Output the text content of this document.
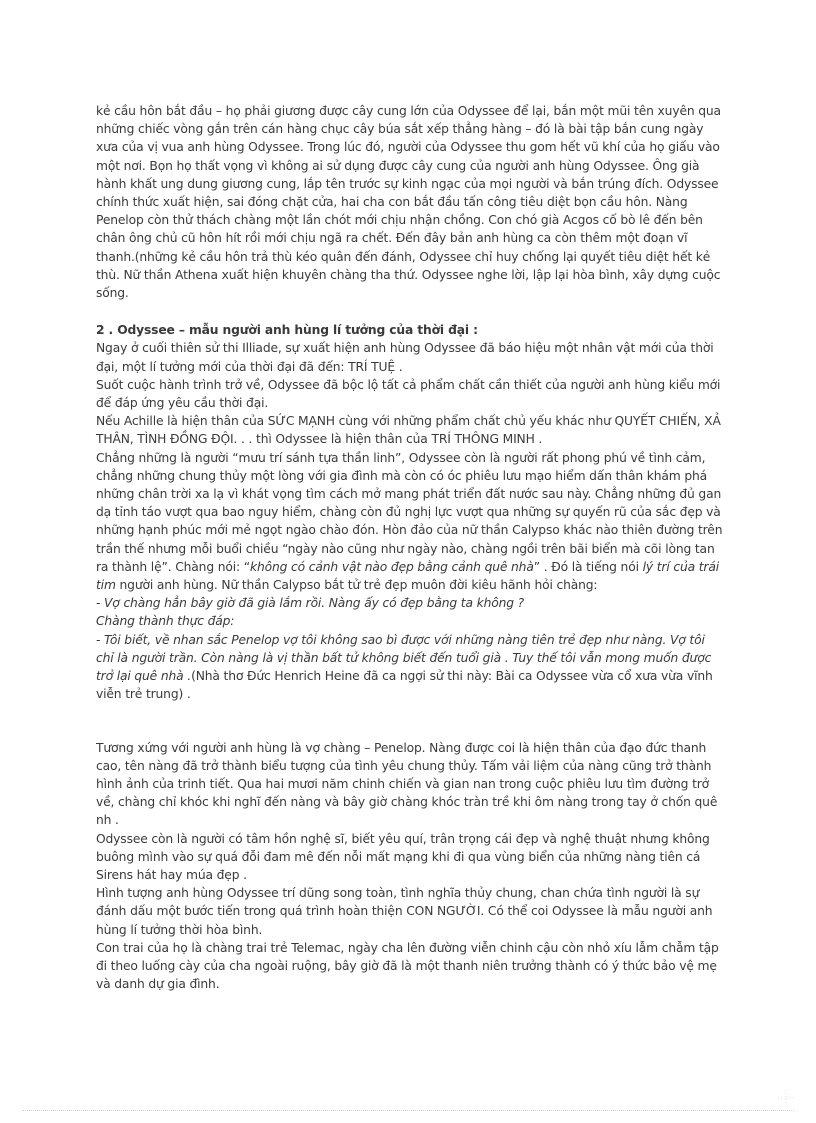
kẻ cầu hôn bắt đầu – họ phải giương được cây cung lớn của Odyssee để lại, bắn một mũi tên xuyên qua những chiếc vòng gắn trên cán hàng chục cây búa sắt xếp thẳng hàng – đó là bài tập bắn cung ngày xưa của vị vua anh hùng Odyssee. Trong lúc đó, người của Odyssee thu gom hết vũ khí của họ giấu vào một nơi. Bọn họ thất vọng vì không ai sử dụng được cây cung của người anh hùng Odyssee. Ông già hành khất ung dung giương cung, lắp tên trước sự kinh ngạc của mọi người và bắn trúng đích. Odyssee chính thức xuất hiện, sai đóng chặt cửa, hai cha con bắt đầu tấn công tiêu diệt bọn cầu hôn. Nàng Penelop còn thử thách chàng một lần chót mới chịu nhận chồng. Con chó già Acgos cố bò lê đến bên chân ông chủ cũ hôn hít rồi mới chịu ngã ra chết. Đến đây bản anh hùng ca còn thêm một đoạn vĩ thanh.(những kẻ cầu hôn trả thù kéo quân đến đánh, Odyssee chỉ huy chống lại quyết tiêu diệt hết kẻ thù. Nữ thần Athena xuất hiện khuyên chàng tha thứ. Odyssee nghe lời, lập lại hòa bình, xây dựng cuộc sống.

2 . Odyssee – mẫu người anh hùng lí tưởng của thời đại :

Ngay ở cuối thiên sử thi Illiade, sự xuất hiện anh hùng Odyssee đã báo hiệu một nhân vật mới của thời đại, một lí tưởng mới của thời đại đã đến: TRÍ TUỆ .

Suốt cuộc hành trình trở về, Odyssee đã bộc lộ tất cả phẩm chất cần thiết của người anh hùng kiểu mới để đáp ứng yêu cầu thời đại.

Nếu Achille là hiện thân của SỨC MẠNH cùng với những phẩm chất chủ yếu khác như QUYẾT CHIẾN, XẢ THÂN, TÌNH ĐỒNG ĐỘI. . . thì Odyssee là hiện thân của TRÍ THÔNG MINH .

Chẳng những là người “mưu trí sánh tựa thần linh”, Odyssee còn là người rất phong phú về tình cảm, chẳng những chung thủy một lòng với gia đình mà còn có óc phiêu lưu mạo hiểm dấn thân khám phá những chân trời xa lạ vì khát vọng tìm cách mở mang phát triển đất nước sau này. Chẳng những đủ gan dạ tỉnh táo vượt qua bao nguy hiểm, chàng còn đủ nghị lực vượt qua những sự quyến rũ của sắc đẹp và những hạnh phúc mới mẻ ngọt ngào chào đón. Hòn đảo của nữ thần Calypso khác nào thiên đường trên trần thế nhưng mỗi buổi chiều “ngày nào cũng như ngày nào, chàng ngồi trên bãi biển mà cõi lòng tan ra thành lệ”. Chàng nói: “không có cảnh vật nào đẹp bằng cảnh quê nhà” . Đó là tiếng nói lý trí của trái tim người anh hùng. Nữ thần Calypso bắt tử trẻ đẹp muôn đời kiêu hãnh hỏi chàng:

- Vợ chàng hẳn bây giờ đã già lắm rồi. Nàng ấy có đẹp bằng ta không ?

Chàng thành thực đáp:

- Tôi biết, về nhan sắc Penelop vợ tôi không sao bì được với những nàng tiên trẻ đẹp như nàng. Vợ tôi chỉ là người trần. Còn nàng là vị thần bất tử không biết đến tuổi già . Tuy thế tôi vẫn mong muốn được trở lại quê nhà .(Nhà thơ Đức Henrich Heine đã ca ngợi sử thi này: Bài ca Odyssee vừa cổ xưa vừa vĩnh viễn trẻ trung) .

Tương xứng với người anh hùng là vợ chàng – Penelop. Nàng được coi là hiện thân của đạo đức thanh cao, tên nàng đã trở thành biểu tượng của tình yêu chung thủy. Tấm vải liệm của nàng cũng trở thành hình ảnh của trinh tiết. Qua hai mươi năm chinh chiến và gian nan trong cuộc phiêu lưu tìm đường trở về, chàng chỉ khóc khi nghĩ đến nàng và bây giờ chàng khóc tràn trề khi ôm nàng trong tay ở chốn quê nh .

Odyssee còn là người có tâm hồn nghệ sĩ, biết yêu quí, trân trọng cái đẹp và nghệ thuật nhưng không buông mình vào sự quá đỗi đam mê đến nỗi mất mạng khi đi qua vùng biển của những nàng tiên cá Sirens hát hay múa đẹp .

Hình tượng anh hùng Odyssee trí dũng song toàn, tình nghĩa thủy chung, chan chứa tình người là sự đánh dấu một bước tiến trong quá trình hoàn thiện CON NGƯỜI. Có thể coi Odyssee là mẫu người anh hùng lí tưởng thời hòa bình.

Con trai của họ là chàng trai trẻ Telemac, ngày cha lên đường viễn chinh cậu còn nhỏ xíu lẫm chẫm tập đi theo luống cày của cha ngoài ruộng, bây giờ đã là một thanh niên trưởng thành có ý thức bảo vệ mẹ và danh dự gia đình.
